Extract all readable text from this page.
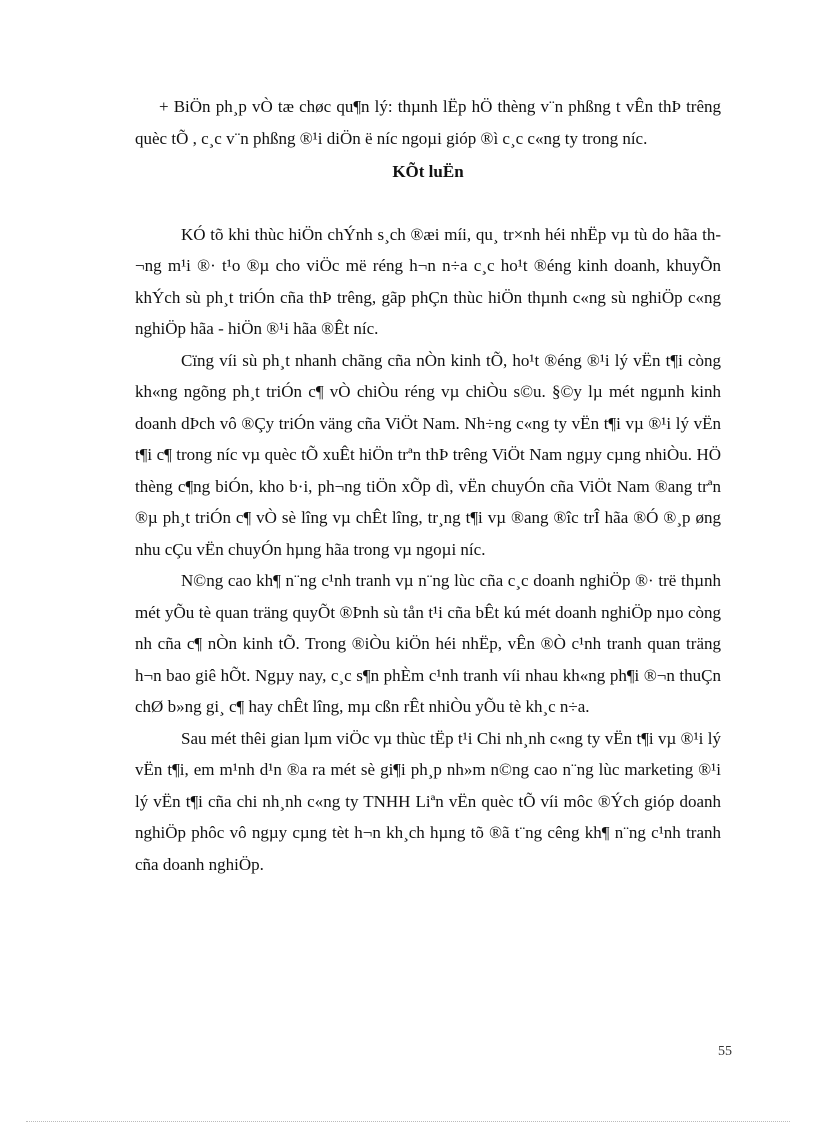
+ BiÖn ph¸p vÒ tæ chøc qu¶n lý: thµnh lËp hÖ thèng v¨n phßng t vÊn thÞ trêng quèc tÕ , c¸c v¨n phßng ®¹i diÖn ë níc ngoµi gióp ®ì c¸c c«ng ty trong níc.

KÕt luËn

KÓ tõ khi thùc hiÖn chÝnh s¸ch ®æi míi, qu¸ tr×nh héi nhËp vµ tù do hãa th¬ng m¹i ®· t¹o ®µ cho viÖc më réng h¬n n÷a c¸c ho¹t ®éng kinh doanh, khuyÕn khÝch sù ph¸t triÓn cña thÞ trêng, gãp phÇn thùc hiÖn thµnh c«ng sù nghiÖp c«ng nghiÖp hãa - hiÖn ®¹i hãa ®Êt níc.

Cïng víi sù ph¸t nhanh chãng cña nÒn kinh tÕ, ho¹t ®éng ®¹i lý vËn t¶i còng kh«ng ngõng ph¸t triÓn c¶ vÒ chiÒu réng vµ chiÒu s©u. §©y lµ mét ngµnh kinh doanh dÞch vô ®Çy triÓn väng cña ViÖt Nam. Nh÷ng c«ng ty vËn t¶i vµ ®¹i lý vËn t¶i c¶ trong níc vµ quèc tÕ xuÊt hiÖn trªn thÞ trêng ViÖt Nam ngµy cµng nhiÒu. HÖ thèng c¶ng biÓn, kho b·i, ph¬ng tiÖn xÕp dì, vËn chuyÓn cña ViÖt Nam ®ang trªn ®µ ph¸t triÓn c¶ vÒ sè lîng vµ chÊt lîng, tr¸ng t¶i vµ ®ang ®îc trÎ hãa ®Ó ®¸p øng nhu cÇu vËn chuyÓn hµng hãa trong vµ ngoµi níc.

N©ng cao kh¶ n¨ng c¹nh tranh vµ n¨ng lùc cña c¸c doanh nghiÖp ®· trë thµnh mét yÕu tè quan träng quyÕt ®Þnh sù tån t¹i cña bÊt kú mét doanh nghiÖp nµo còng nh cña c¶ nÒn kinh tÕ. Trong ®iÒu kiÖn héi nhËp, vÊn ®Ò c¹nh tranh quan träng h¬n bao giê hÕt. Ngµy nay, c¸c s¶n phÈm c¹nh tranh víi nhau kh«ng ph¶i ®¬n thuÇn chØ b»ng gi¸ c¶ hay chÊt lîng, mµ cßn rÊt nhiÒu yÕu tè kh¸c n÷a.

Sau mét thêi gian lµm viÖc vµ thùc tËp t¹i Chi nh¸nh c«ng ty vËn t¶i vµ ®¹i lý vËn t¶i, em m¹nh d¹n ®a ra mét sè gi¶i ph¸p nh»m n©ng cao n¨ng lùc marketing ®¹i lý vËn t¶i cña chi nh¸nh c«ng ty TNHH Liªn vËn quèc tÕ víi môc ®Ých gióp doanh nghiÖp phôc vô ngµy cµng tèt h¬n kh¸ch hµng tõ ®ã t¨ng cêng kh¶ n¨ng c¹nh tranh cña doanh nghiÖp.

55
